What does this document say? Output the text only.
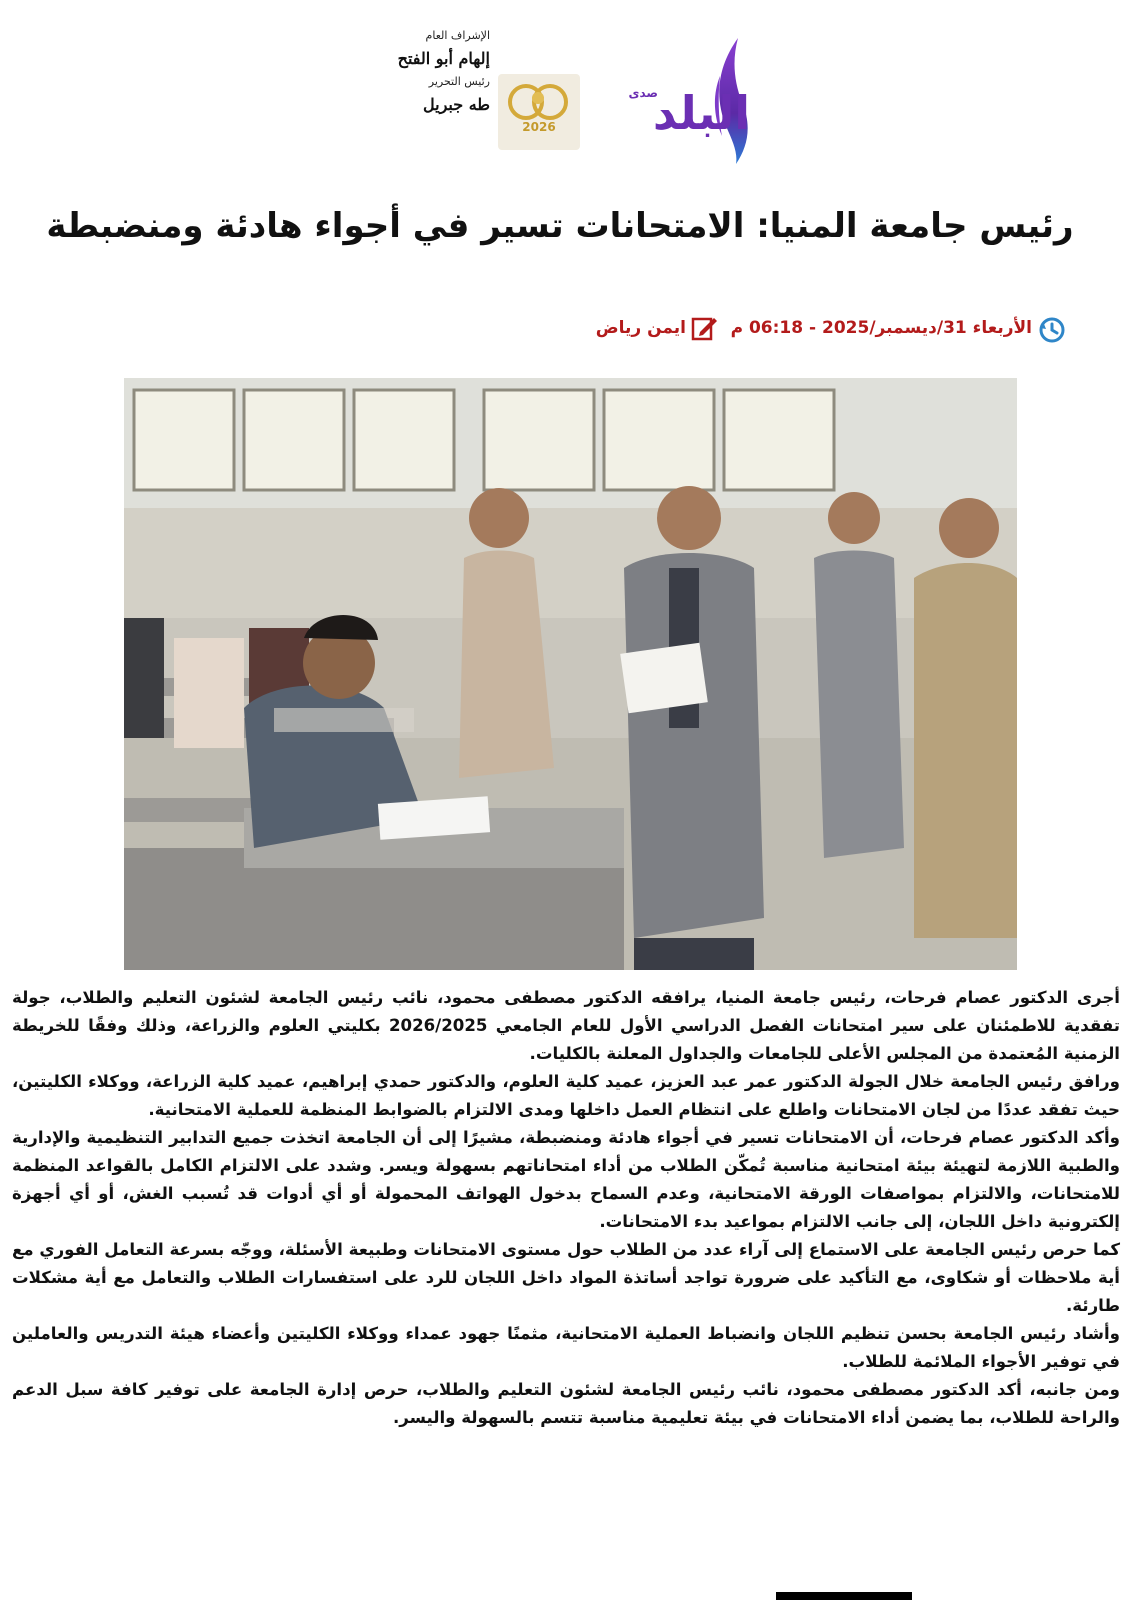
صدى
البلد
2026
الإشراف العام
إلهام أبو الفتح
رئيس التحرير
طه جبريل
رئيس جامعة المنيا: الامتحانات تسير في أجواء هادئة ومنضبطة
الأربعاء 31/ديسمبر/2025 - 06:18 م
ايمن رياض

أجرى الدكتور عصام فرحات، رئيس جامعة المنيا، يرافقه الدكتور مصطفى محمود، نائب رئيس الجامعة لشئون التعليم والطلاب، جولة تفقدية للاطمئنان على سير امتحانات الفصل الدراسي الأول للعام الجامعي 2026/2025 بكليتي العلوم والزراعة، وذلك وفقًا للخريطة الزمنية المُعتمدة من المجلس الأعلى للجامعات والجداول المعلنة بالكليات.

ورافق رئيس الجامعة خلال الجولة الدكتور عمر عبد العزيز، عميد كلية العلوم، والدكتور حمدي إبراهيم، عميد كلية الزراعة، ووكلاء الكليتين، حيث تفقد عددًا من لجان الامتحانات واطلع على انتظام العمل داخلها ومدى الالتزام بالضوابط المنظمة للعملية الامتحانية.

وأكد الدكتور عصام فرحات، أن الامتحانات تسير في أجواء هادئة ومنضبطة، مشيرًا إلى أن الجامعة اتخذت جميع التدابير التنظيمية والإدارية والطبية اللازمة لتهيئة بيئة امتحانية مناسبة تُمكّن الطلاب من أداء امتحاناتهم بسهولة ويسر. وشدد على الالتزام الكامل بالقواعد المنظمة للامتحانات، والالتزام بمواصفات الورقة الامتحانية، وعدم السماح بدخول الهواتف المحمولة أو أي أدوات قد تُسبب الغش، أو أي أجهزة إلكترونية داخل اللجان، إلى جانب الالتزام بمواعيد بدء الامتحانات.

كما حرص رئيس الجامعة على الاستماع إلى آراء عدد من الطلاب حول مستوى الامتحانات وطبيعة الأسئلة، ووجّه بسرعة التعامل الفوري مع أية ملاحظات أو شكاوى، مع التأكيد على ضرورة تواجد أساتذة المواد داخل اللجان للرد على استفسارات الطلاب والتعامل مع أية مشكلات طارئة.

وأشاد رئيس الجامعة بحسن تنظيم اللجان وانضباط العملية الامتحانية، مثمنًا جهود عمداء ووكلاء الكليتين وأعضاء هيئة التدريس والعاملين في توفير الأجواء الملائمة للطلاب.

ومن جانبه، أكد الدكتور مصطفى محمود، نائب رئيس الجامعة لشئون التعليم والطلاب، حرص إدارة الجامعة على توفير كافة سبل الدعم والراحة للطلاب، بما يضمن أداء الامتحانات في بيئة تعليمية مناسبة تتسم بالسهولة واليسر.
